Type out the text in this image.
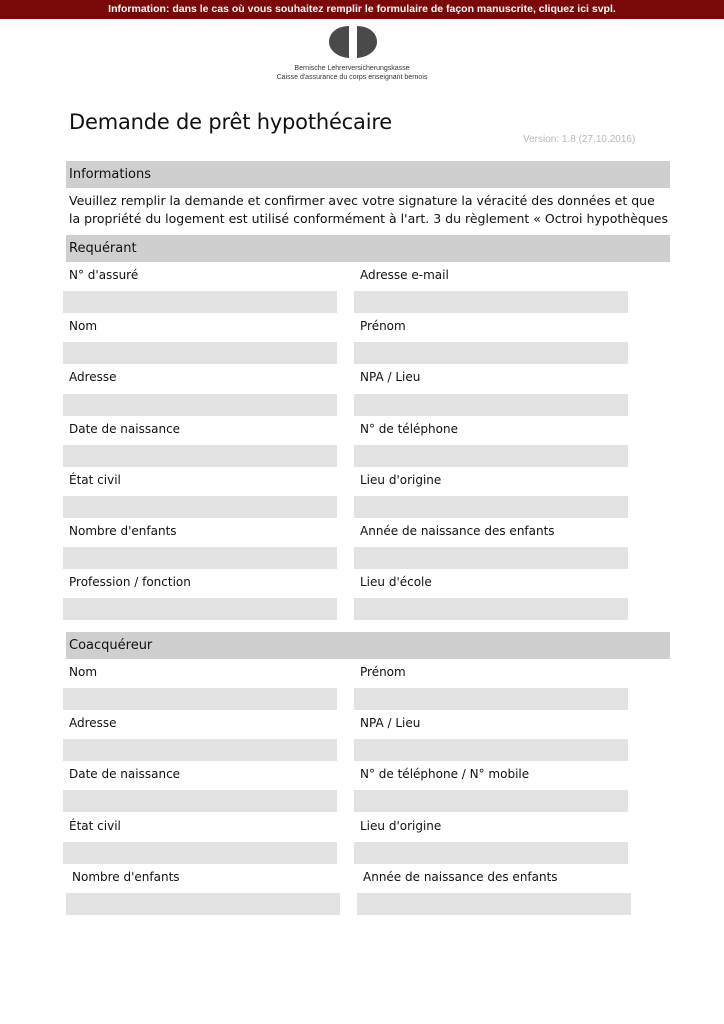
Information: dans le cas où vous souhaitez remplir le formulaire de façon manuscrite, cliquez ici svpl.
Bernische Lehrerversicherungskasse
Caisse d'assurance du corps enseignant bernois
Demande de prêt hypothécaire
Version: 1.8 (27.10.2016)
Informations
Veuillez remplir la demande et confirmer avec votre signature la véracité des données et que la propriété du logement est utilisé conformément à l'art. 3 du règlement « Octroi hypothèques
Requérant
N° d'assuré	Adresse e-mail
Nom	Prénom
Adresse	NPA / Lieu
Date de naissance	N° de téléphone
État civil	Lieu d'origine
Nombre d'enfants	Année de naissance des enfants
Profession / fonction	Lieu d'école
Coacquéreur
Nom	Prénom
Adresse	NPA / Lieu
Date de naissance	N° de téléphone / N° mobile
État civil	Lieu d'origine
Nombre d'enfants	Année de naissance des enfants
